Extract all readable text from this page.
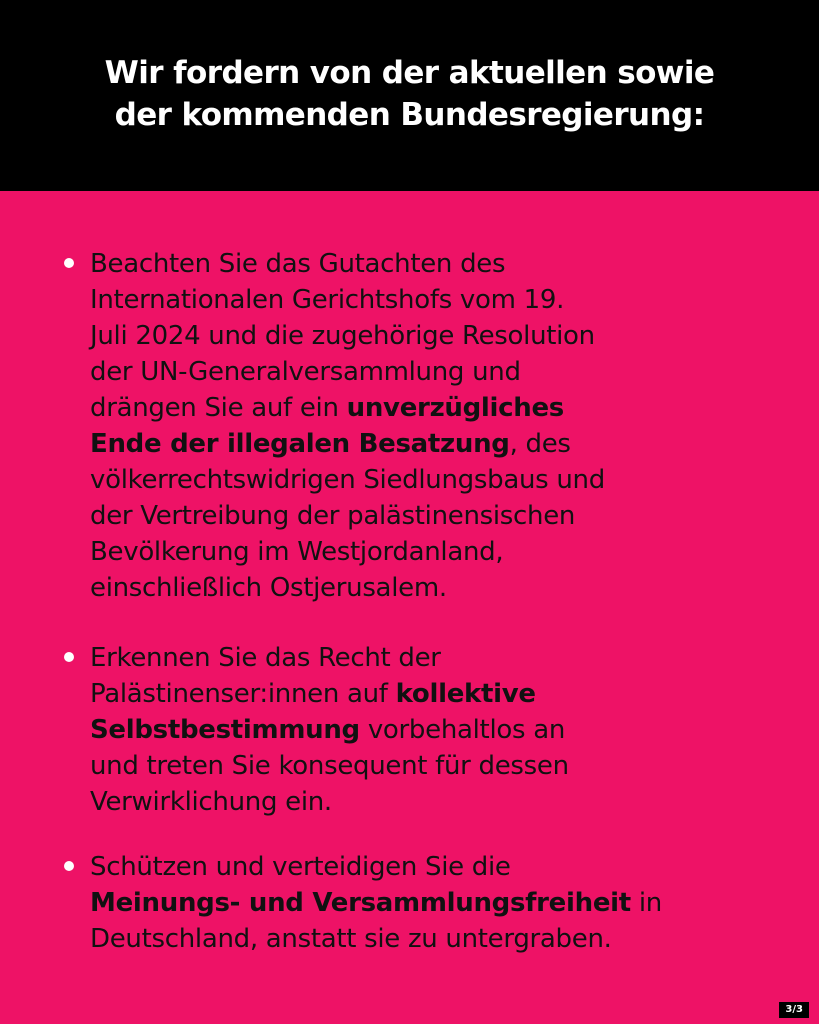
Wir fordern von der aktuellen sowie
der kommenden Bundesregierung:
Beachten Sie das Gutachten des
Internationalen Gerichtshofs vom 19.
Juli 2024 und die zugehörige Resolution
der UN-Generalversammlung und
drängen Sie auf ein unverzügliches
Ende der illegalen Besatzung, des
völkerrechtswidrigen Siedlungsbaus und
der Vertreibung der palästinensischen
Bevölkerung im Westjordanland,
einschließlich Ostjerusalem.
Erkennen Sie das Recht der
Palästinenser:innen auf kollektive
Selbstbestimmung vorbehaltlos an
und treten Sie konsequent für dessen
Verwirklichung ein.
Schützen und verteidigen Sie die
Meinungs- und Versammlungsfreiheit in
Deutschland, anstatt sie zu untergraben.
3/3
